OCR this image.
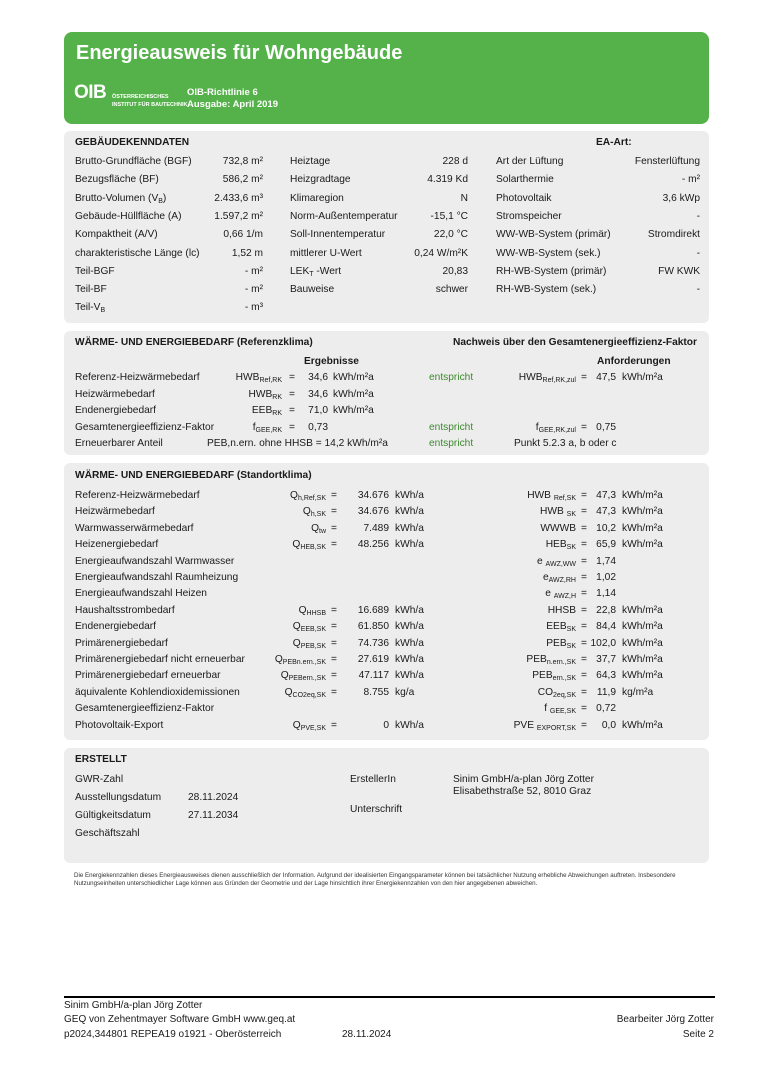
Energieausweis für Wohngebäude
OIB ÖSTERREICHISCHES
INSTITUT FÜR BAUTECHNIK
OIB-Richtlinie 6
Ausgabe: April 2019
GEBÄUDEKENNDATEN	EA-Art:
Brutto-Grundfläche (BGF)	732,8 m²
Bezugsfläche (BF)	586,2 m²
Brutto-Volumen $(V_B)$	2.433,6 m³
Gebäude-Hüllfläche (A)	1.597,2 m²
Kompaktheit (A/V)	0,66 1/m
charakteristische Länge (lc)	1,52 m
Teil-BGF	- m²
Teil-BF	- m²
Teil-$V_B$	- m³
Heiztage	228 d
Heizgradtage	4.319 Kd
Klimaregion	N
Norm-Außentemperatur	-15,1 °C
Soll-Innentemperatur	22,0 °C
mittlerer U-Wert	0,24 W/m²K
$LEK_T$ -Wert	20,83
Bauweise	schwer
Art der Lüftung	Fensterlüftung
Solarthermie	- m²
Photovoltaik	3,6 kWp
Stromspeicher	-
WW-WB-System (primär)	Stromdirekt
WW-WB-System (sek.)	-
RH-WB-System (primär)	FW KWK
RH-WB-System (sek.)	-
WÄRME- UND ENERGIEBEDARF (Referenzklima)	Nachweis über den Gesamtenergieeffizienz-Faktor
Ergebnisse	Anforderungen
Referenz-Heizwärmebedarf	$HWB_{Ref,RK}$ =	34,6 kWh/m²a	entspricht	$HWB_{Ref,RK,zul} = 47,5$ kWh/m²a
Heizwärmebedarf	$HWB_{RK}$ =	34,6 kWh/m²a
Endenergiebedarf	$EEB_{RK}$ =	71,0 kWh/m²a
Gesamtenergieeffizienz-Faktor	$f_{GEE,RK}$ =	0,73	entspricht	$f_{GEE,RK,zul} = 0,75$
Erneuerbarer Anteil	PEB,n.ern. ohne HHSB = 14,2 kWh/m²a	entspricht	Punkt 5.2.3 a, b oder c
WÄRME- UND ENERGIEBEDARF (Standortklima)
Referenz-Heizwärmebedarf	$Q_{h,Ref,SK}$ =	34.676 kWh/a	HWB $_{Ref,SK}$ = 47,3 kWh/m²a
Heizwärmebedarf	$Q_{h,SK}$ =	34.676 kWh/a	HWB $_{SK}$ = 47,3 kWh/m²a
Warmwasserwärmebedarf	$Q_{tw}$ =	7.489 kWh/a	WWWB = 10,2 kWh/m²a
Heizenergiebedarf	$Q_{HEB,SK}$ =	48.256 kWh/a	$HEB_{SK} = 65,9$ kWh/m²a
Energieaufwandszahl Warmwasser	e $_{AWZ,WW}$ = 1,74
Energieaufwandszahl Raumheizung	$e_{AWZ,RH} = 1,02$
Energieaufwandszahl Heizen	e $_{AWZ,H}$ = 1,14
Haushaltsstrombedarf	$Q_{HHSB}$ =	16.689 kWh/a	HHSB = 22,8 kWh/m²a
Endenergiebedarf	$Q_{EEB,SK}$ =	61.850 kWh/a	$EEB_{SK} = 84,4$ kWh/m²a
Primärenergiebedarf	$Q_{PEB,SK}$ =	74.736 kWh/a	$PEB_{SK} = 102,0$ kWh/m²a
Primärenergiebedarf nicht erneuerbar	$Q_{PEBn.ern.,SK}$ =	27.619 kWh/a	$PEB_{n.ern.,SK} = 37,7$ kWh/m²a
Primärenergiebedarf erneuerbar	$Q_{PEBern.,SK}$ =	47.117 kWh/a	$PEB_{ern.,SK} = 64,3$ kWh/m²a
äquivalente Kohlendioxidemissionen	$Q_{CO2eq,SK}$ =	8.755 kg/a	$CO_{2eq,SK} = 11,9$ kg/m²a
Gesamtenergieeffizienz-Faktor	f $_{GEE,SK}$ = 0,72
Photovoltaik-Export	$Q_{PVE,SK}$ =	0 kWh/a	PVE $_{EXPORT,SK}$ =	0,0 kWh/m²a
ERSTELLT
GWR-Zahl
Ausstellungsdatum	28.11.2024
Gültigkeitsdatum	27.11.2034
Geschäftszahl
ErstellerIn	Sinim GmbH/a-plan Jörg Zotter
Elisabethstraße 52, 8010 Graz
Unterschrift
Die Energiekennzahlen dieses Energieausweises dienen ausschließlich der Information. Aufgrund der idealisierten Eingangsparameter können bei tatsächlicher Nutzung erhebliche Abweichungen auftreten. Insbesondere Nutzungseinheiten unterschiedlicher Lage können aus Gründen der Geometrie und der Lage hinsichtlich ihrer Energiekennzahlen von den hier angegebenen abweichen.
Sinim GmbH/a-plan Jörg Zotter
GEQ von Zehentmayer Software GmbH www.geq.at
p2024,344801 REPEA19 o1921 - Oberösterreich	28.11.2024
Bearbeiter Jörg Zotter
Seite 2
